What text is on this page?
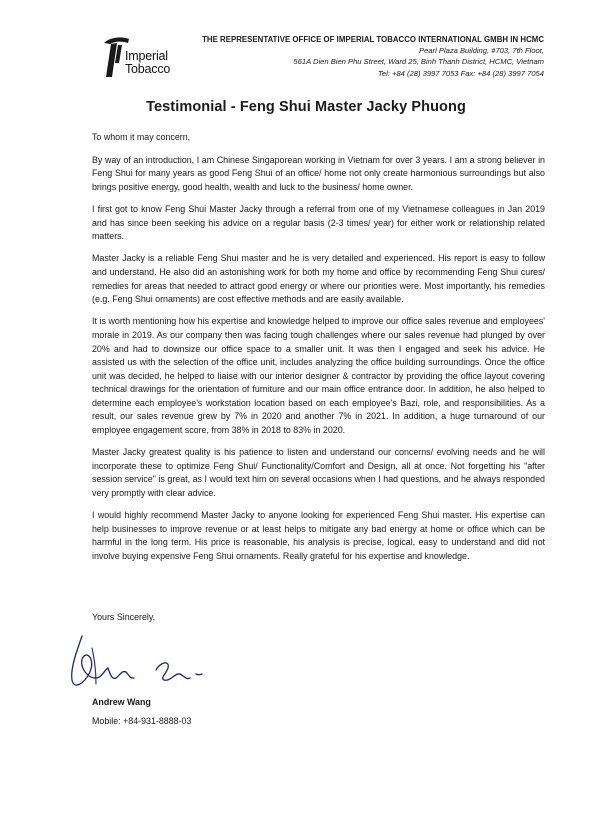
Imperial
Tobacco
THE REPRESENTATIVE OFFICE OF IMPERIAL TOBACCO INTERNATIONAL GMBH IN HCMC
Pearl Plaza Building, #703, 7th Floor,
561A Dien Bien Phu Street, Ward 25, Binh Thanh District, HCMC, Vietnam
Tel: +84 (28) 3997 7053 Fax: +84 (28) 3997 7054
Testimonial - Feng Shui Master Jacky Phuong

To whom it may concern,

By way of an introduction, I am Chinese Singaporean working in Vietnam for over 3 years. I am a strong believer in Feng Shui for many years as good Feng Shui of an office/ home not only create harmonious surroundings but also brings positive energy, good health, wealth and luck to the business/ home owner.

I first got to know Feng Shui Master Jacky through a referral from one of my Vietnamese colleagues in Jan 2019 and has since been seeking his advice on a regular basis (2-3 times/ year) for either work or relationship related matters.

Master Jacky is a reliable Feng Shui master and he is very detailed and experienced. His report is easy to follow and understand. He also did an astonishing work for both my home and office by recommending Feng Shui cures/ remedies for areas that needed to attract good energy or where our priorities were. Most importantly, his remedies (e.g. Feng Shui ornaments) are cost effective methods and are easily available.

It is worth mentioning how his expertise and knowledge helped to improve our office sales revenue and employees' morale in 2019. As our company then was facing tough challenges where our sales revenue had plunged by over 20% and had to downsize our office space to a smaller unit. It was then I engaged and seek his advice. He assisted us with the selection of the office unit, includes analyzing the office building surroundings. Once the office unit was decided, he helped to liaise with our interior designer & contractor by providing the office layout covering technical drawings for the orientation of furniture and our main office entrance door. In addition, he also helped to determine each employee's workstation location based on each employee's Bazi, role, and responsibilities. As a result, our sales revenue grew by 7% in 2020 and another 7% in 2021. In addition, a huge turnaround of our employee engagement score, from 38% in 2018 to 83% in 2020.

Master Jacky greatest quality is his patience to listen and understand our concerns/ evolving needs and he will incorporate these to optimize Feng Shui/ Functionality/Comfort and Design, all at once. Not forgetting his "after session service" is great, as I would text him on several occasions when I had questions, and he always responded very promptly with clear advice.

I would highly recommend Master Jacky to anyone looking for experienced Feng Shui master. His expertise can help businesses to improve revenue or at least helps to mitigate any bad energy at home or office which can be harmful in the long term. His price is reasonable, his analysis is precise, logical, easy to understand and did not involve buying expensive Feng Shui ornaments. Really grateful for his expertise and knowledge.

Yours Sincerely,
Andrew Wang
Mobile: +84-931-8888-03
